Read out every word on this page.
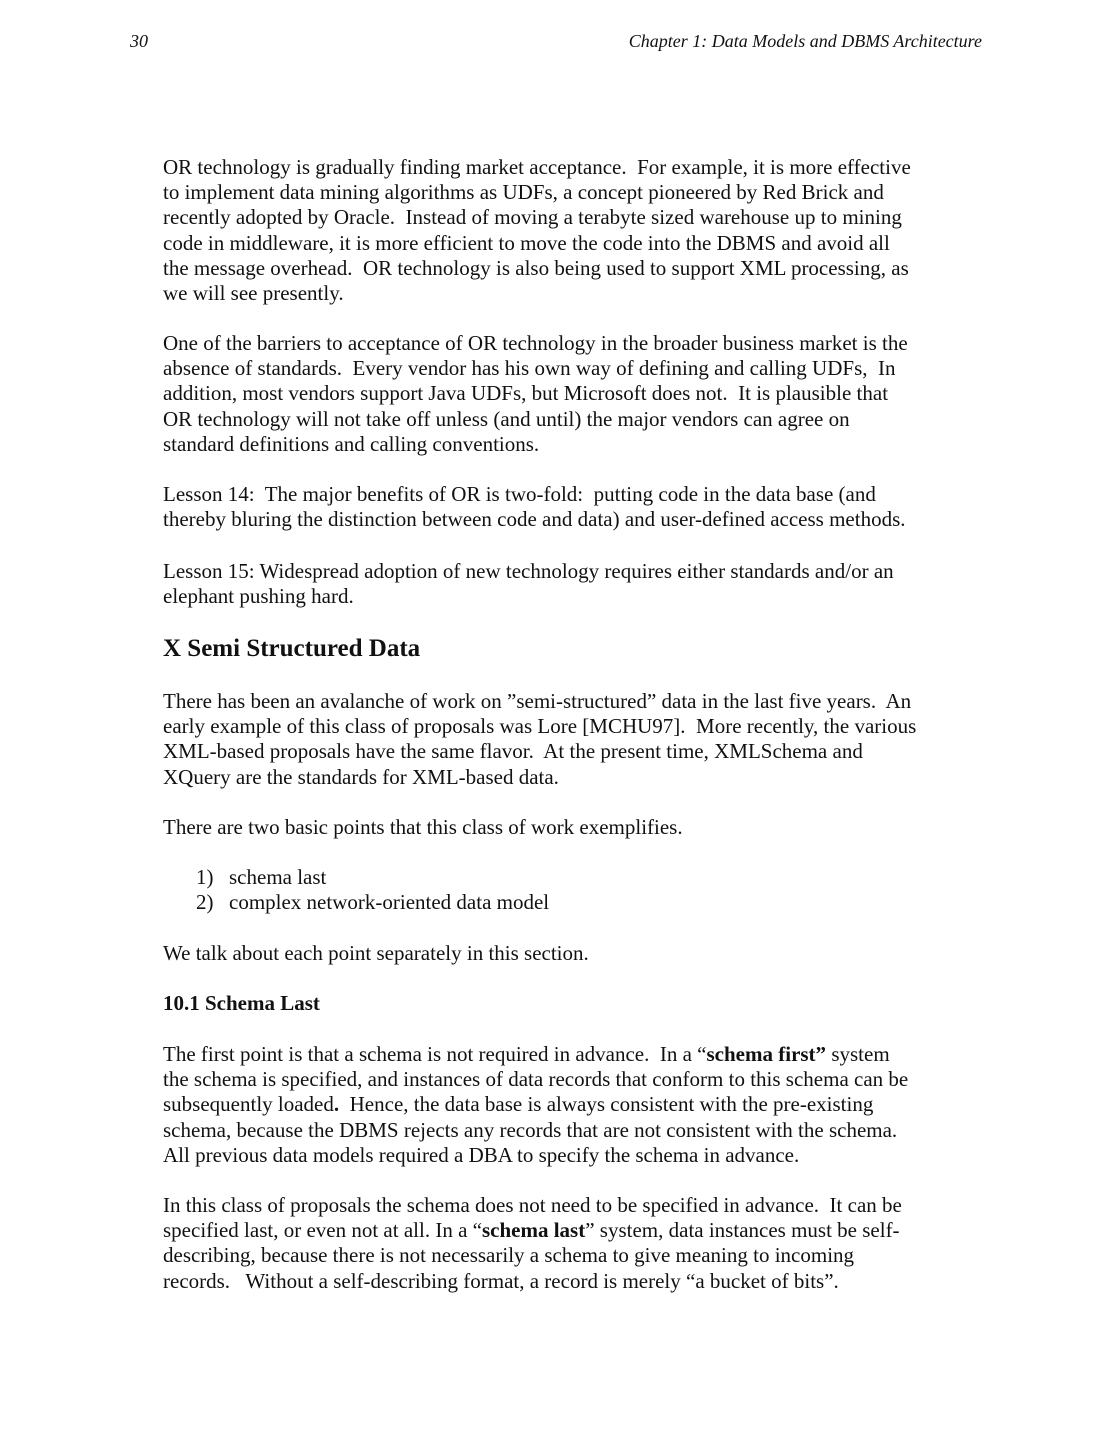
30	Chapter 1: Data Models and DBMS Architecture
OR technology is gradually finding market acceptance.  For example, it is more effective
to implement data mining algorithms as UDFs, a concept pioneered by Red Brick and
recently adopted by Oracle.  Instead of moving a terabyte sized warehouse up to mining
code in middleware, it is more efficient to move the code into the DBMS and avoid all
the message overhead.  OR technology is also being used to support XML processing, as
we will see presently.
One of the barriers to acceptance of OR technology in the broader business market is the
absence of standards.  Every vendor has his own way of defining and calling UDFs,  In
addition, most vendors support Java UDFs, but Microsoft does not.  It is plausible that
OR technology will not take off unless (and until) the major vendors can agree on
standard definitions and calling conventions.
Lesson 14:  The major benefits of OR is two-fold:  putting code in the data base (and
thereby bluring the distinction between code and data) and user-defined access methods.
Lesson 15: Widespread adoption of new technology requires either standards and/or an
elephant pushing hard.
X Semi Structured Data
There has been an avalanche of work on ”semi-structured” data in the last five years.  An
early example of this class of proposals was Lore [MCHU97].  More recently, the various
XML-based proposals have the same flavor.  At the present time, XMLSchema and
XQuery are the standards for XML-based data.
There are two basic points that this class of work exemplifies.
1) schema last
2) complex network-oriented data model
We talk about each point separately in this section.
10.1 Schema Last
The first point is that a schema is not required in advance.  In a “schema first” system
the schema is specified, and instances of data records that conform to this schema can be
subsequently loaded.  Hence, the data base is always consistent with the pre-existing
schema, because the DBMS rejects any records that are not consistent with the schema.
All previous data models required a DBA to specify the schema in advance.
In this class of proposals the schema does not need to be specified in advance.  It can be
specified last, or even not at all. In a “schema last” system, data instances must be self-
describing, because there is not necessarily a schema to give meaning to incoming
records.   Without a self-describing format, a record is merely “a bucket of bits”.
